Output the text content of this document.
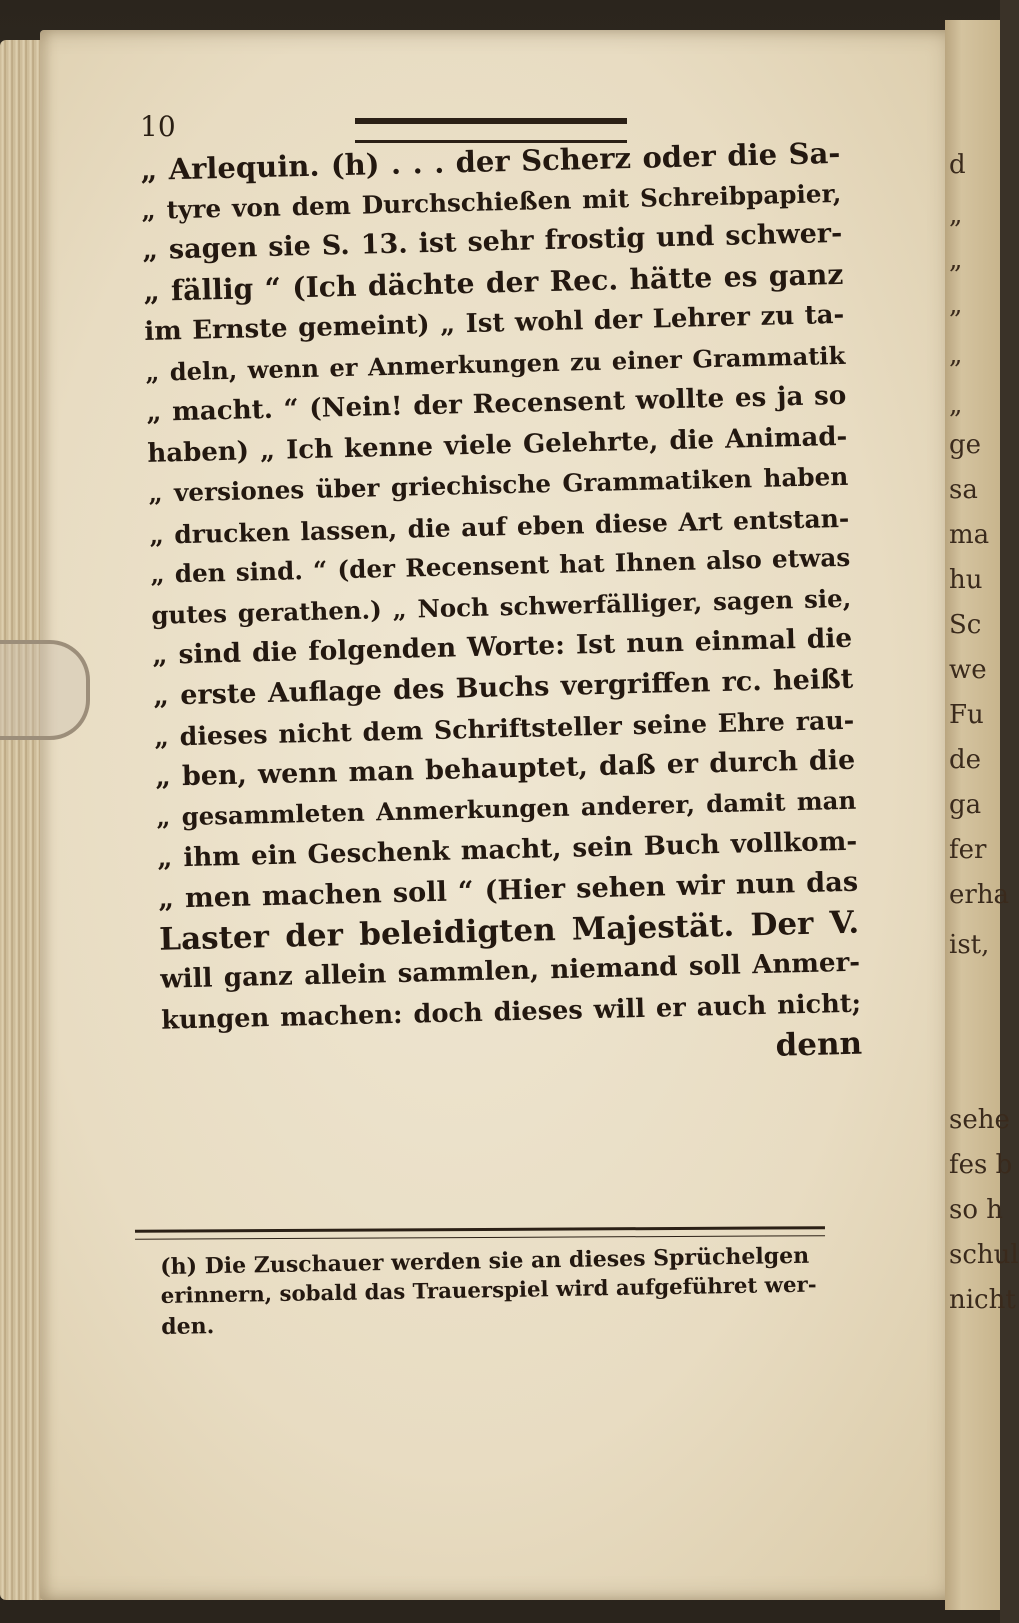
d
„
„
„
„
„
ge
sa
ma
hu
Sc
we
Fu
de
ga
fer
erha
ist,
sehe
fes b
so h
schul
nicht
10
„ Arlequin. (h) . . . der Scherz oder die Sa-
„ tyre von dem Durchschießen mit Schreibpapier,
„ sagen sie S. 13. ist sehr frostig und schwer-
„ fällig “ (Ich dächte der Rec. hätte es ganz
im Ernste gemeint) „ Ist wohl der Lehrer zu ta-
„ deln, wenn er Anmerkungen zu einer Grammatik
„ macht. “ (Nein! der Recensent wollte es ja so
haben) „ Ich kenne viele Gelehrte, die Animad-
„ versiones über griechische Grammatiken haben
„ drucken lassen, die auf eben diese Art entstan-
„ den sind. “ (der Recensent hat Ihnen also etwas
gutes gerathen.) „ Noch schwerfälliger, sagen sie,
„ sind die folgenden Worte: Ist nun einmal die
„ erste Auflage des Buchs vergriffen rc. heißt
„ dieses nicht dem Schriftsteller seine Ehre rau-
„ ben, wenn man behauptet, daß er durch die
„ gesammleten Anmerkungen anderer, damit man
„ ihm ein Geschenk macht, sein Buch vollkom-
„ men machen soll “ (Hier sehen wir nun das
Laster der beleidigten Majestät. Der V.
will ganz allein sammlen, niemand soll Anmer-
kungen machen: doch dieses will er auch nicht;
denn
(h) Die Zuschauer werden sie an dieses Sprüchelgen
erinnern, sobald das Trauerspiel wird aufgeführet wer-
den.
